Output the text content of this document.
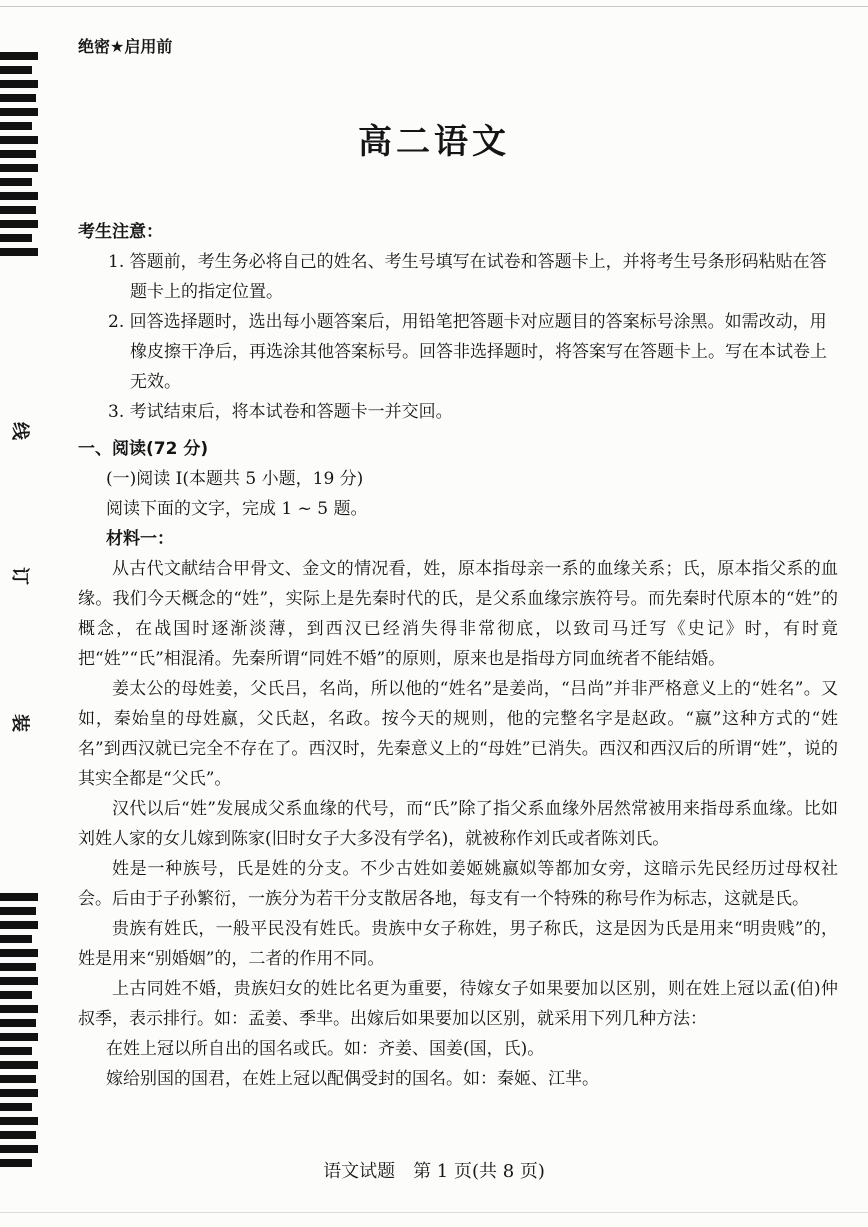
线
订
装
绝密★启用前
高二语文
考生注意：
1. 答题前，考生务必将自己的姓名、考生号填写在试卷和答题卡上，并将考生号条形码粘贴在答题卡上的指定位置。
2. 回答选择题时，选出每小题答案后，用铅笔把答题卡对应题目的答案标号涂黑。如需改动，用橡皮擦干净后，再选涂其他答案标号。回答非选择题时，将答案写在答题卡上。写在本试卷上无效。
3. 考试结束后，将本试卷和答题卡一并交回。
一、阅读(72 分)
(一)阅读 I(本题共 5 小题，19 分)
阅读下面的文字，完成 1 ~ 5 题。
材料一：

从古代文献结合甲骨文、金文的情况看，姓，原本指母亲一系的血缘关系；氏，原本指父系的血缘。我们今天概念的“姓”，实际上是先秦时代的氏，是父系血缘宗族符号。而先秦时代原本的“姓”的概念，在战国时逐渐淡薄，到西汉已经消失得非常彻底，以致司马迁写《史记》时，有时竟把“姓”“氏”相混淆。先秦所谓“同姓不婚”的原则，原来也是指母方同血统者不能结婚。

姜太公的母姓姜，父氏吕，名尚，所以他的“姓名”是姜尚，“吕尚”并非严格意义上的“姓名”。又如，秦始皇的母姓嬴，父氏赵，名政。按今天的规则，他的完整名字是赵政。“嬴”这种方式的“姓名”到西汉就已完全不存在了。西汉时，先秦意义上的“母姓”已消失。西汉和西汉后的所谓“姓”，说的其实全都是“父氏”。

汉代以后“姓”发展成父系血缘的代号，而“氏”除了指父系血缘外居然常被用来指母系血缘。比如刘姓人家的女儿嫁到陈家(旧时女子大多没有学名)，就被称作刘氏或者陈刘氏。

姓是一种族号，氏是姓的分支。不少古姓如姜姬姚嬴姒等都加女旁，这暗示先民经历过母权社会。后由于子孙繁衍，一族分为若干分支散居各地，每支有一个特殊的称号作为标志，这就是氏。

贵族有姓氏，一般平民没有姓氏。贵族中女子称姓，男子称氏，这是因为氏是用来“明贵贱”的，姓是用来“别婚姻”的，二者的作用不同。

上古同姓不婚，贵族妇女的姓比名更为重要，待嫁女子如果要加以区别，则在姓上冠以孟(伯)仲叔季，表示排行。如：孟姜、季芈。出嫁后如果要加以区别，就采用下列几种方法：

在姓上冠以所自出的国名或氏。如：齐姜、国姜(国，氏)。
嫁给别国的国君，在姓上冠以配偶受封的国名。如：秦姬、江芈。
语文试题　第 1 页(共 8 页)
